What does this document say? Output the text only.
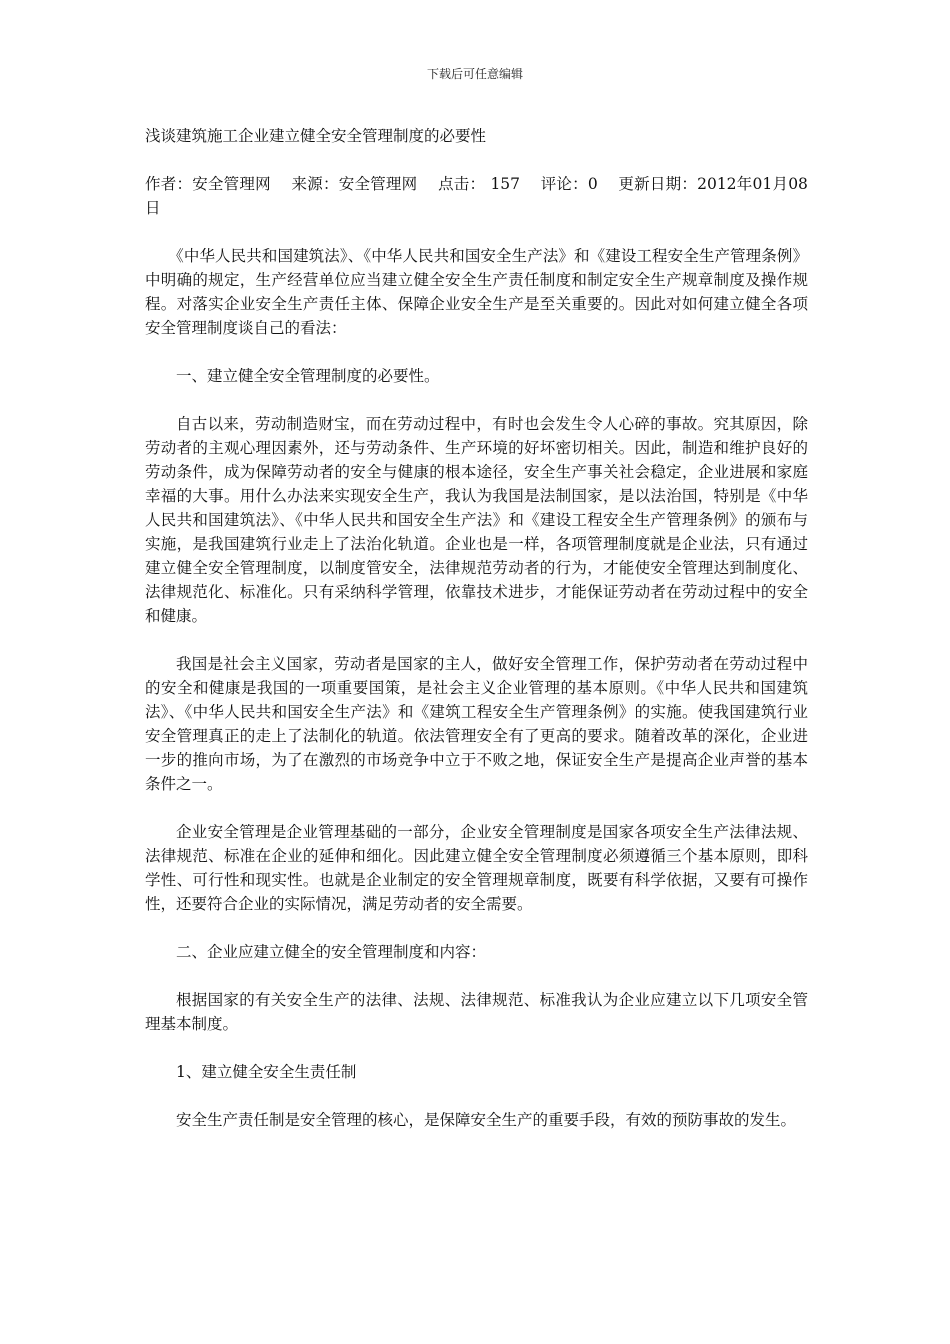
下载后可任意编辑
浅谈建筑施工企业建立健全安全管理制度的必要性
作者：安全管理网 来源：安全管理网 点击： 157 评论：0 更新日期：2012年01月08日

《中华人民共和国建筑法》、《中华人民共和国安全生产法》和《建设工程安全生产管理条例》中明确的规定，生产经营单位应当建立健全安全生产责任制度和制定安全生产规章制度及操作规程。对落实企业安全生产责任主体、保障企业安全生产是至关重要的。因此对如何建立健全各项安全管理制度谈自己的看法：

一、建立健全安全管理制度的必要性。

自古以来，劳动制造财宝，而在劳动过程中，有时也会发生令人心碎的事故。究其原因，除劳动者的主观心理因素外，还与劳动条件、生产环境的好坏密切相关。因此，制造和维护良好的劳动条件，成为保障劳动者的安全与健康的根本途径，安全生产事关社会稳定，企业进展和家庭幸福的大事。用什么办法来实现安全生产，我认为我国是法制国家，是以法治国，特别是《中华人民共和国建筑法》、《中华人民共和国安全生产法》和《建设工程安全生产管理条例》的颁布与实施，是我国建筑行业走上了法治化轨道。企业也是一样，各项管理制度就是企业法，只有通过建立健全安全管理制度，以制度管安全，法律规范劳动者的行为，才能使安全管理达到制度化、法律规范化、标准化。只有采纳科学管理，依靠技术进步，才能保证劳动者在劳动过程中的安全和健康。

我国是社会主义国家，劳动者是国家的主人，做好安全管理工作，保护劳动者在劳动过程中的安全和健康是我国的一项重要国策，是社会主义企业管理的基本原则。《中华人民共和国建筑法》、《中华人民共和国安全生产法》和《建筑工程安全生产管理条例》的实施。使我国建筑行业安全管理真正的走上了法制化的轨道。依法管理安全有了更高的要求。随着改革的深化，企业进一步的推向市场，为了在激烈的市场竞争中立于不败之地，保证安全生产是提高企业声誉的基本条件之一。

企业安全管理是企业管理基础的一部分，企业安全管理制度是国家各项安全生产法律法规、法律规范、标准在企业的延伸和细化。因此建立健全安全管理制度必须遵循三个基本原则，即科学性、可行性和现实性。也就是企业制定的安全管理规章制度，既要有科学依据，又要有可操作性，还要符合企业的实际情况，满足劳动者的安全需要。

二、企业应建立健全的安全管理制度和内容：

根据国家的有关安全生产的法律、法规、法律规范、标准我认为企业应建立以下几项安全管理基本制度。

1、建立健全安全生责任制

安全生产责任制是安全管理的核心，是保障安全生产的重要手段，有效的预防事故的发生。
